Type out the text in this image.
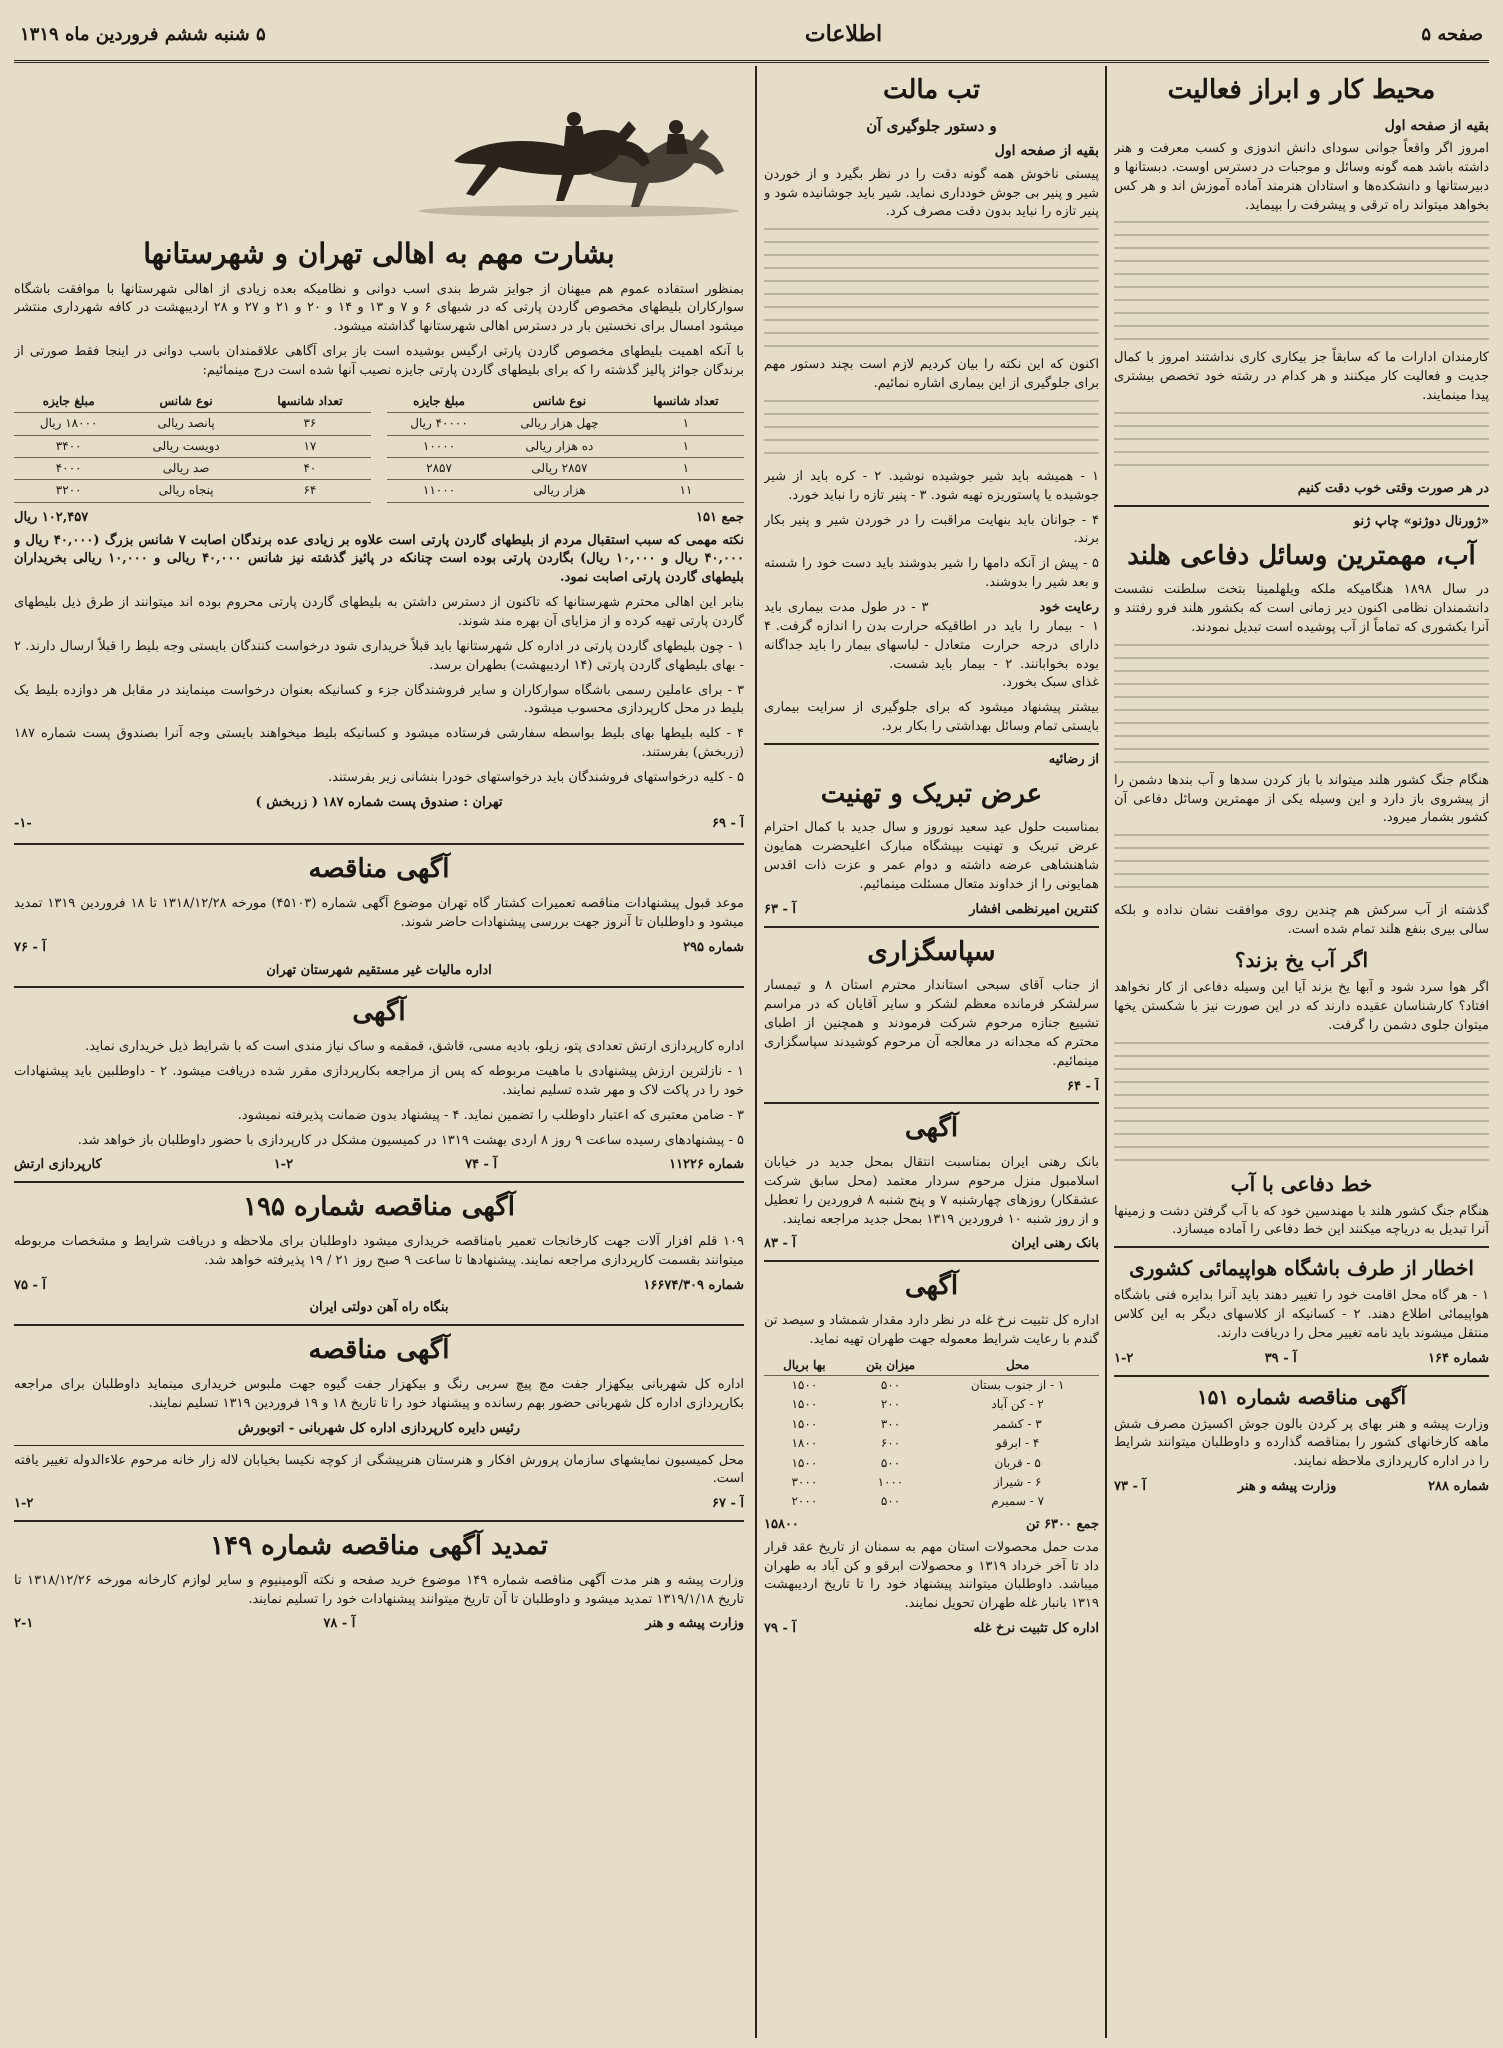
صفحه ۵
اطلاعات
۵ شنبه ششم فروردین ماه ۱۳۱۹
محیط کار و ابراز فعالیت
بقیه از صفحه اول

امروز اگر واقعاً جوانی سودای دانش اندوزی و کسب معرفت و هنر داشته باشد همه گونه وسائل و موجبات در دسترس اوست. دبستانها و دبیرستانها و دانشکده‌ها و استادان هنرمند آماده آموزش اند و هر کس بخواهد میتواند راه ترقی و پیشرفت را بپیماید.

کارمندان ادارات ما که سابقاً جز بیکاری کاری نداشتند امروز با کمال جدیت و فعالیت کار میکنند و هر کدام در رشته خود تخصص بیشتری پیدا مینمایند.

در هر صورت وقتی خوب دقت کنیم

«ژورنال دوژنو» چاپ ژنو
آب، مهمترین وسائل دفاعی هلند

در سال ۱۸۹۸ هنگامیکه ملکه ویلهلمینا بتخت سلطنت نشست دانشمندان نظامی اکنون دیر زمانی است که بکشور هلند فرو رفتند و آنرا بکشوری که تماماً از آب پوشیده است تبدیل نمودند.

هنگام جنگ کشور هلند میتواند با باز کردن سدها و آب بندها دشمن را از پیشروی باز دارد و این وسیله یکی از مهمترین وسائل دفاعی آن کشور بشمار میرود.

گذشته از آب سرکش هم چندین روی موافقت نشان نداده و بلکه سالی بیری بنفع هلند تمام شده است.

اگر آب یخ بزند؟

اگر هوا سرد شود و آبها یخ بزند آیا این وسیله دفاعی از کار نخواهد افتاد؟ کارشناسان عقیده دارند که در این صورت نیز با شکستن یخها میتوان جلوی دشمن را گرفت.

خط دفاعی با آب

هنگام جنگ کشور هلند با مهندسین خود که با آب گرفتن دشت و زمینها آنرا تبدیل به دریاچه میکنند این خط دفاعی را آماده میسازد.

اخطار از طرف باشگاه هواپیمائی کشوری

۱ - هر گاه محل اقامت خود را تغییر دهند باید آنرا بدایره فنی باشگاه هواپیمائی اطلاع دهند. ۲ - کسانیکه از کلاسهای دیگر به این کلاس منتقل میشوند باید نامه تغییر محل را دریافت دارند.

شماره ۱۶۴
آ - ۳۹
۱-۲
آگهی مناقصه شماره ۱۵۱

وزارت پیشه و هنر بهای پر کردن بالون جوش اکسیژن مصرف شش ماهه کارخانهای کشور را بمناقصه گذارده و داوطلبان میتوانند شرایط را در اداره کارپردازی ملاحظه نمایند.

شماره ۲۸۸
وزارت پیشه و هنر
آ - ۷۳
تب مالت
و دستور جلوگیری آن
بقیه از صفحه اول

پیستی ناخوش همه گونه دقت را در نظر بگیرد و از خوردن شیر و پنیر بی جوش خودداری نماید. شیر باید جوشانیده شود و پنیر تازه را نباید بدون دقت مصرف کرد.

اکنون که این نکته را بیان کردیم لازم است بچند دستور مهم برای جلوگیری از این بیماری اشاره نمائیم.

۱ - همیشه باید شیر جوشیده نوشید. ۲ - کره باید از شیر جوشیده یا پاستوریزه تهیه شود. ۳ - پنیر تازه را نباید خورد.

۴ - جوانان باید بنهایت مراقبت را در خوردن شیر و پنیر بکار برند.

۵ - پیش از آنکه دامها را شیر بدوشند باید دست خود را شسته و بعد شیر را بدوشند.

رعایت خود

۱ - بیمار را باید در اطاقیکه دارای درجه حرارت متعادل بوده بخوابانند. ۲ - بیمار باید غذای سبک بخورد.

۳ - در طول مدت بیماری باید حرارت بدن را اندازه گرفت. ۴ - لباسهای بیمار را باید جداگانه شست.

بیشتر پیشنهاد میشود که برای جلوگیری از سرایت بیماری بایستی تمام وسائل بهداشتی را بکار برد.

از رضائیه
عرض تبریک و تهنیت

بمناسبت حلول عید سعید نوروز و سال جدید با کمال احترام عرض تبریک و تهنیت بپیشگاه مبارک اعلیحضرت همایون شاهنشاهی عرضه داشته و دوام عمر و عزت ذات اقدس همایونی را از خداوند متعال مسئلت مینمائیم.

کنترین امیرنظمی افشار
آ - ۶۳
سپاسگزاری

از جناب آقای سبحی استاندار محترم استان ۸ و تیمسار سرلشکر فرمانده معظم لشکر و سایر آقایان که در مراسم تشییع جنازه مرحوم شرکت فرمودند و همچنین از اطبای محترم که مجدانه در معالجه آن مرحوم کوشیدند سپاسگزاری مینمائیم.

آ - ۶۴
آگهی

بانک رهنی ایران بمناسبت انتقال بمحل جدید در خیابان اسلامبول منزل مرحوم سردار معتمد (محل سابق شرکت عشقکار) روزهای چهارشنبه ۷ و پنج شنبه ۸ فروردین را تعطیل و از روز شنبه ۱۰ فروردین ۱۳۱۹ بمحل جدید مراجعه نمایند.

بانک رهنی ایران
آ - ۸۳
آگهی

اداره کل تثبیت نرخ غله در نظر دارد مقدار شمشاد و سیصد تن گندم با رعایت شرایط معموله جهت طهران تهیه نماید.

محل	میزان بتن	بها بریال
۱ - از جنوب بستان	۵۰۰	۱۵۰۰
۲ - کن آباد	۲۰۰	۱۵۰۰
۳ - کشمر	۳۰۰	۱۵۰۰
۴ - ابرقو	۶۰۰	۱۸۰۰
۵ - قربان	۵۰۰	۱۵۰۰
۶ - شیراز	۱۰۰۰	۳۰۰۰
۷ - سمیرم	۵۰۰	۲۰۰۰
جمع ۶۳۰۰ تن
۱۵۸۰۰

مدت حمل محصولات استان مهم به سمنان از تاریخ عقد قرار داد تا آخر خرداد ۱۳۱۹ و محصولات ابرقو و کن آباد به طهران میباشد. داوطلبان میتوانند پیشنهاد خود را تا تاریخ اردیبهشت ۱۳۱۹ بانبار غله طهران تحویل نمایند.

اداره کل تثبیت نرخ غله
آ - ۷۹
بشارت مهم به اهالی تهران و شهرستانها

بمنظور استفاده عموم هم میهنان از جوایز شرط بندی اسب دوانی و نظامیکه بعده زیادی از اهالی شهرستانها با موافقت باشگاه سوارکاران بلیطهای مخصوص گاردن پارتی که در شبهای ۶ و ۷ و ۱۳ و ۱۴ و ۲۰ و ۲۱ و ۲۷ و ۲۸ اردیبهشت در کافه شهرداری منتشر میشود امسال برای نخستین بار در دسترس اهالی شهرستانها گذاشته میشود.

با آنکه اهمیت بلیطهای مخصوص گاردن پارتی ارگیس بوشیده است باز برای آگاهی علاقمندان باسب دوانی در اینجا فقط صورتی از برندگان جوائز پالیز گذشته را که برای بلیطهای گاردن پارتی جایزه نصیب آنها شده است درج مینمائیم:

تعداد شانسها	نوع شانس	مبلغ جایزه
۱	چهل هزار ریالی	۴۰۰۰۰ ریال
۱	ده هزار ریالی	۱۰۰۰۰
۱	۲۸۵۷ ریالی	۲۸۵۷
۱۱	هزار ریالی	۱۱۰۰۰
تعداد شانسها	نوع شانس	مبلغ جایزه
۳۶	پانصد ریالی	۱۸۰۰۰ ریال
۱۷	دویست ریالی	۳۴۰۰
۴۰	صد ریالی	۴۰۰۰
۶۴	پنجاه ریالی	۳۲۰۰
جمع ۱۵۱
۱۰۲,۴۵۷ ریال

نکته مهمی که سبب استقبال مردم از بلیطهای گاردن پارتی است علاوه بر زیادی عده برندگان اصابت ۷ شانس بزرگ (۴۰,۰۰۰ ریال و ۴۰,۰۰۰ ریال و ۱۰,۰۰۰ ریال) بگاردن پارتی بوده است چنانکه در پائیز گذشته نیز شانس ۴۰,۰۰۰ ریالی و ۱۰,۰۰۰ ریالی بخریداران بلیطهای گاردن پارتی اصابت نمود.

بنابر این اهالی محترم شهرستانها که تاکنون از دسترس داشتن به بلیطهای گاردن پارتی محروم بوده اند میتوانند از طرق ذیل بلیطهای گاردن پارتی تهیه کرده و از مزایای آن بهره مند شوند.

۱ - چون بلیطهای گاردن پارتی در اداره کل شهرستانها باید قبلاً خریداری شود درخواست کنندگان بایستی وجه بلیط را قبلاً ارسال دارند. ۲ - بهای بلیطهای گاردن پارتی (۱۴ اردیبهشت) بطهران برسد.

۳ - برای عاملین رسمی باشگاه سوارکاران و سایر فروشندگان جزء و کسانیکه بعنوان درخواست مینمایند در مقابل هر دوازده بلیط یک بلیط در محل کارپردازی محسوب میشود.

۴ - کلیه بلیطها بهای بلیط بواسطه سفارشی فرستاده میشود و کسانیکه بلیط میخواهند بایستی وجه آنرا بصندوق پست شماره ۱۸۷ (زربخش) بفرستند.

۵ - کلیه درخواستهای فروشندگان باید درخواستهای خودرا بنشانی زیر بفرستند.

تهران : صندوق پست شماره ۱۸۷ ( زربخش )
آ - ۶۹
-۱-
آگهی مناقصه

موعد قبول پیشنهادات مناقصه تعمیرات کشتار گاه تهران موضوع آگهی شماره (۴۵۱۰۳) مورخه ۱۳۱۸/۱۲/۲۸ تا ۱۸ فروردین ۱۳۱۹ تمدید میشود و داوطلبان تا آنروز جهت بررسی پیشنهادات حاضر شوند.

شماره ۲۹۵
آ - ۷۶
اداره مالیات غیر مستقیم شهرستان تهران
آگهی

اداره کارپردازی ارتش تعدادی پتو، زیلو، بادیه مسی، قاشق، قمقمه و ساک نیاز مندی است که با شرایط ذیل خریداری نماید.

۱ - نازلترین ارزش پیشنهادی با ماهیت مربوطه که پس از مراجعه بکارپردازی مقرر شده دریافت میشود. ۲ - داوطلبین باید پیشنهادات خود را در پاکت لاک و مهر شده تسلیم نمایند.

۳ - ضامن معتبری که اعتبار داوطلب را تضمین نماید. ۴ - پیشنهاد بدون ضمانت پذیرفته نمیشود.

۵ - پیشنهادهای رسیده ساعت ۹ روز ۸ اردی بهشت ۱۳۱۹ در کمیسیون مشکل در کارپردازی با حضور داوطلبان باز خواهد شد.

شماره ۱۱۲۲۶
آ - ۷۴
۱-۲
کارپردازی ارتش
آگهی مناقصه شماره ۱۹۵

۱۰۹ قلم افزار آلات جهت کارخانجات تعمیر بامناقصه خریداری میشود داوطلبان برای ملاحظه و دریافت شرایط و مشخصات مربوطه میتوانند بقسمت کارپردازی مراجعه نمایند. پیشنهادها تا ساعت ۹ صبح روز ۲۱ / ۱۹ پذیرفته خواهد شد.

شماره ۱۶۶۷۴/۳۰۹
آ - ۷۵
بنگاه راه آهن دولتی ایران
آگهی مناقصه

اداره کل شهربانی بیکهزار جفت مچ پیچ سربی رنگ و بیکهزار جفت گیوه جهت ملبوس خریداری مینماید داوطلبان برای مراجعه بکارپردازی اداره کل شهربانی حضور بهم رسانده و پیشنهاد خود را تا تاریخ ۱۸ و ۱۹ فروردین ۱۳۱۹ تسلیم نمایند.

رئیس دایره کارپردازی اداره کل شهربانی - اتوبورش

محل کمیسیون نمایشهای سازمان پرورش افکار و هنرستان هنرپیشگی از کوچه نکیسا بخیابان لاله زار خانه مرحوم علاءالدوله تغییر یافته است.

آ - ۶۷
۱-۲
تمدید آگهی مناقصه شماره ۱۴۹

وزارت پیشه و هنر مدت آگهی مناقصه شماره ۱۴۹ موضوع خرید صفحه و نکته آلومینیوم و سایر لوازم کارخانه مورخه ۱۳۱۸/۱۲/۲۶ تا تاریخ ۱۳۱۹/۱/۱۸ تمدید میشود و داوطلبان تا آن تاریخ میتوانند پیشنهادات خود را تسلیم نمایند.

وزارت پیشه و هنر
آ - ۷۸
۲-۱
